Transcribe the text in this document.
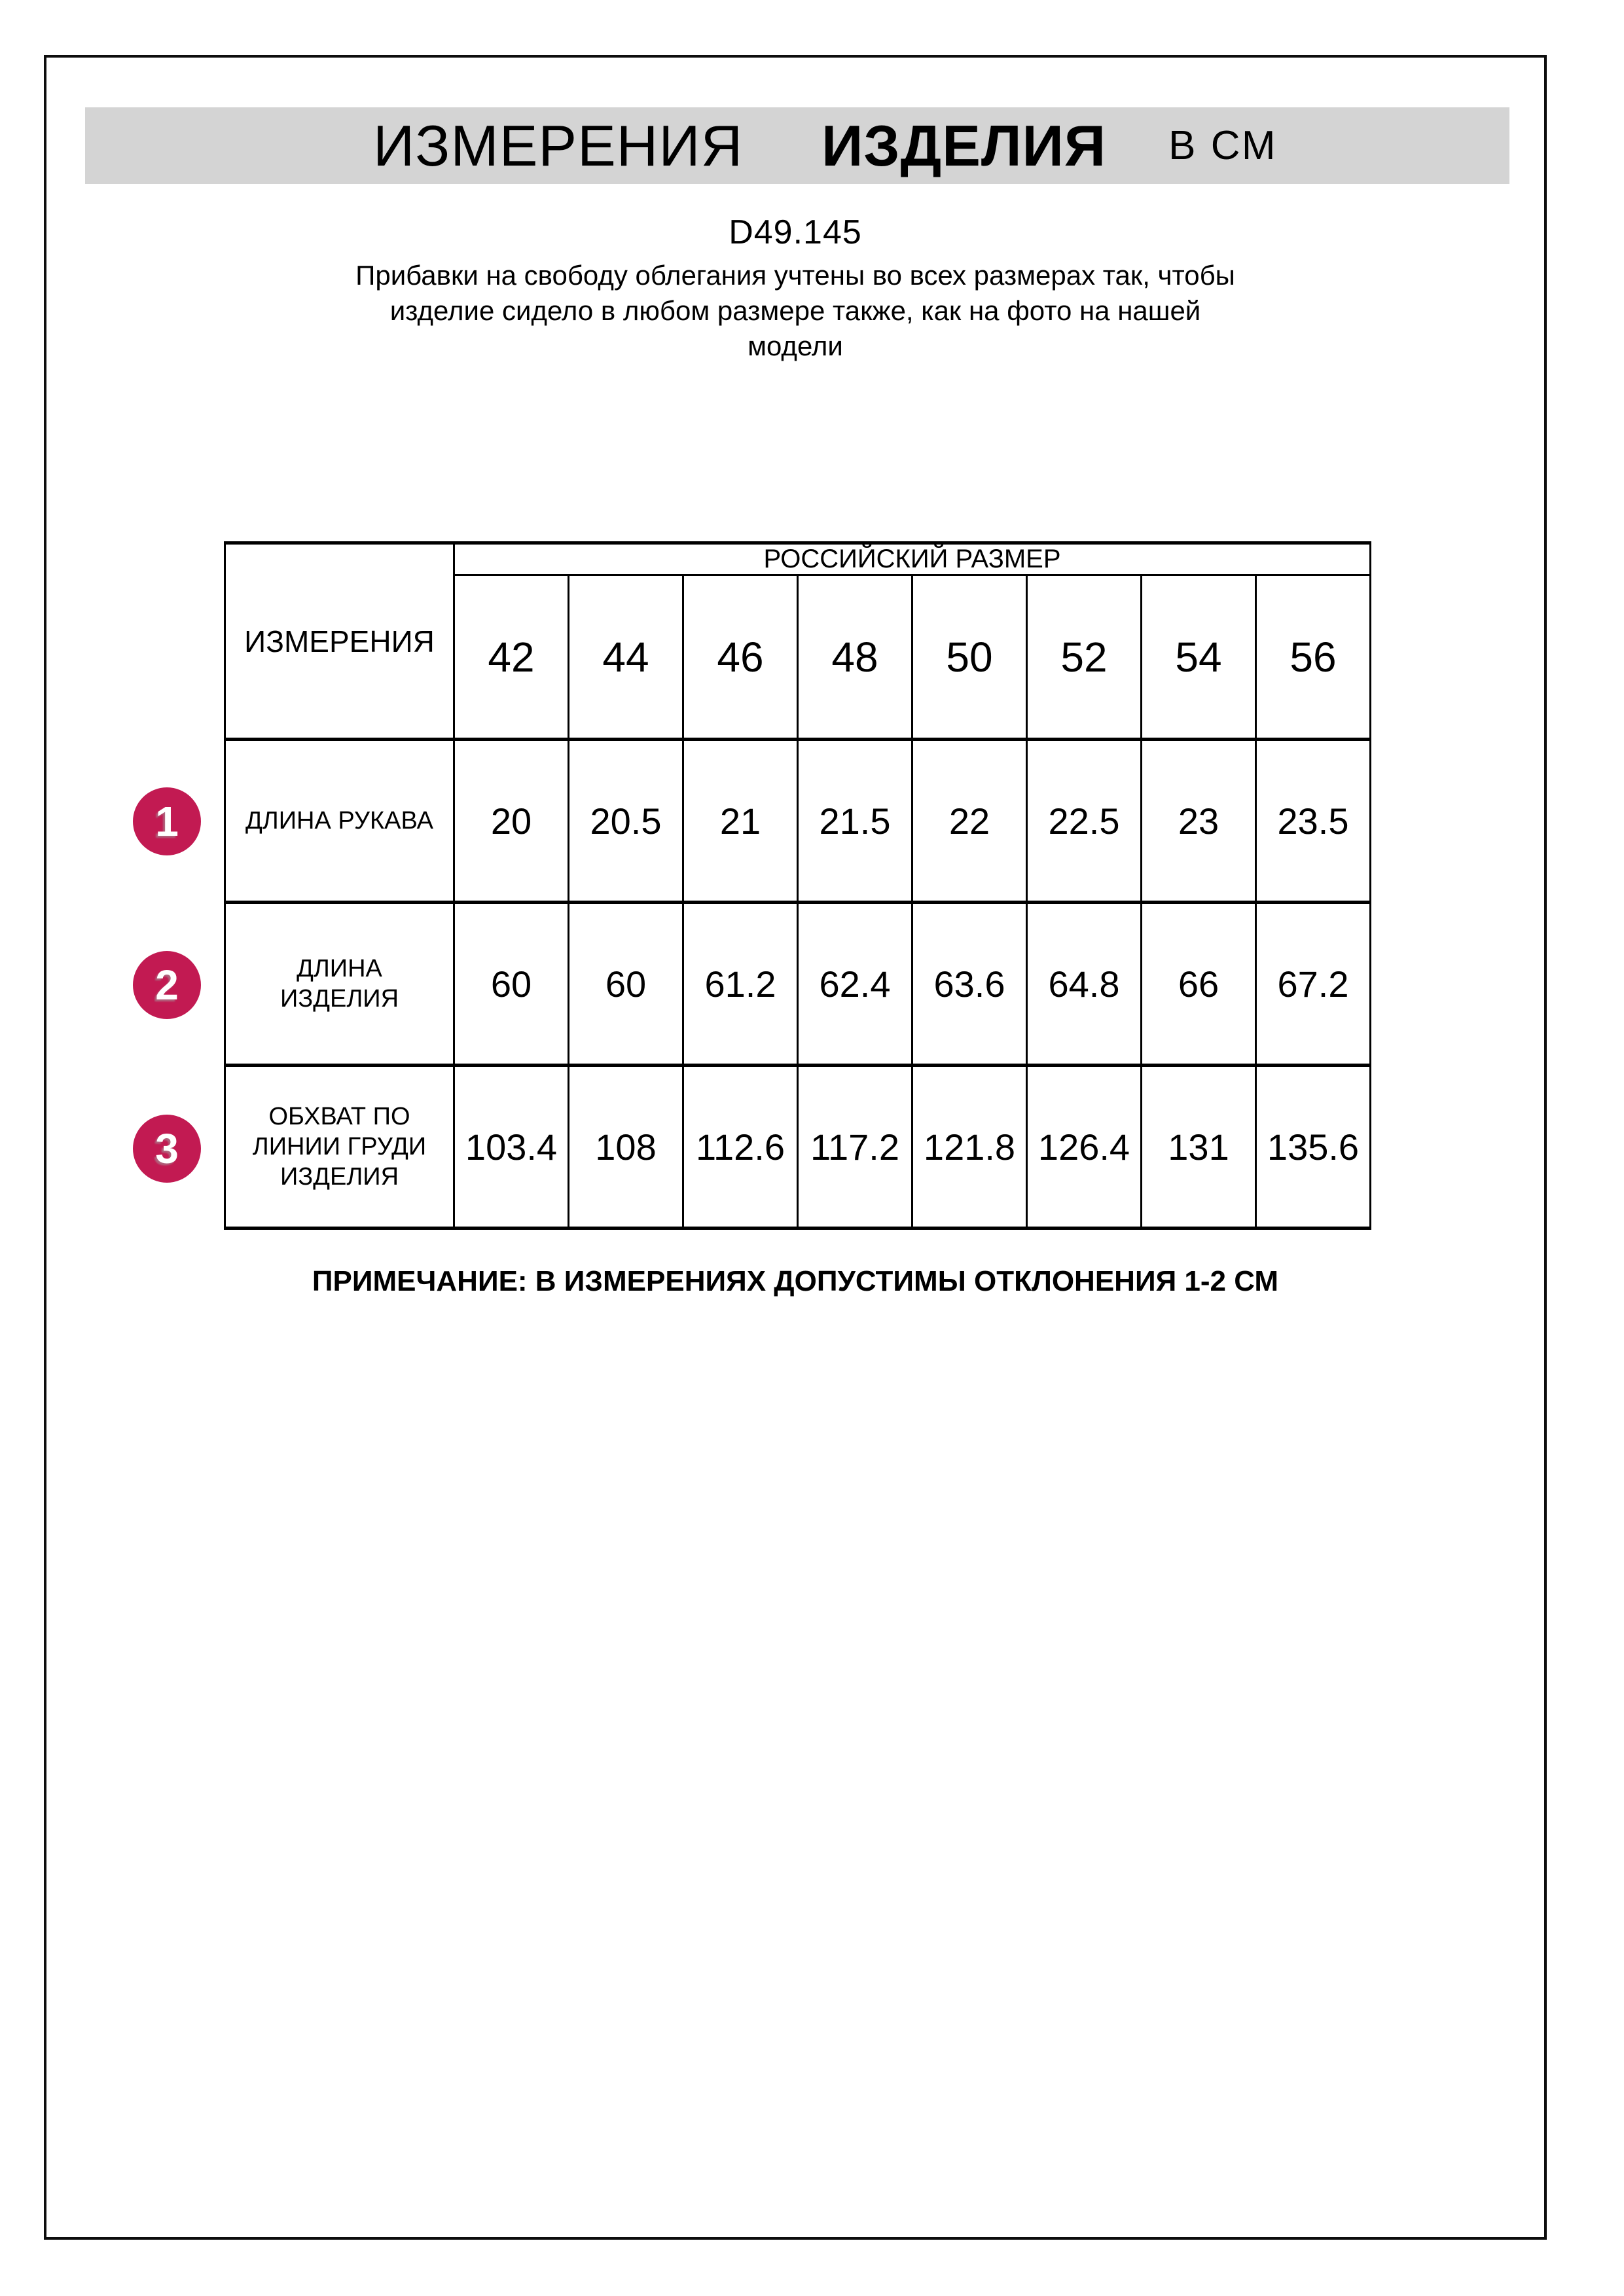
ИЗМЕРЕНИЯ ИЗДЕЛИЯ В СМ
D49.145
Прибавки на свободу облегания учтены во всех размерах так, чтобы
изделие сидело в любом размере также, как на фото на нашей
модели
ИЗМЕРЕНИЯ	РОССИЙСКИЙ РАЗМЕР							
	42	44	46	48	50	52	54	56

ДЛИНА РУКАВА	20	20.5	21	21.5	22	22.5	23	23.5

ДЛИНА
ИЗДЕЛИЯ	60	60	61.2	62.4	63.6	64.8	66	67.2

ОБХВАТ ПО
ЛИНИИ ГРУДИ
ИЗДЕЛИЯ	103.4	108	112.6	117.2	121.8	126.4	131	135.6
1
2
3
ПРИМЕЧАНИЕ: В ИЗМЕРЕНИЯХ ДОПУСТИМЫ ОТКЛОНЕНИЯ 1-2 СМ
